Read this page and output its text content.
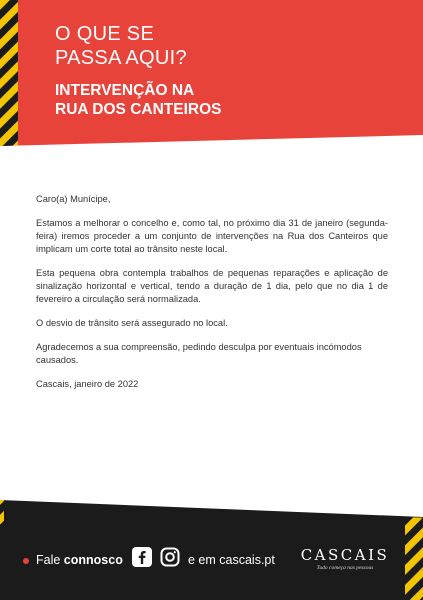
O QUE SE
PASSA AQUI?
INTERVENÇÃO NA
RUA DOS CANTEIROS

Caro(a) Munícipe,

Estamos a melhorar o concelho e, como tal, no próximo dia 31 de janeiro (segunda-feira) iremos proceder a um conjunto de intervenções na Rua dos Canteiros que implicam um corte total ao trânsito neste local.

Esta pequena obra contempla trabalhos de pequenas reparações e aplicação de sinalização horizontal e vertical, tendo a duração de 1 dia, pelo que no dia 1 de fevereiro a circulação será normalizada.

O desvio de trânsito será assegurado no local.

Agradecemos a sua compreensão, pedindo desculpa por eventuais incómodos causados.

Cascais, janeiro de 2022

Fale connosco	e em cascais.pt CASCAIS
Tudo começa nas pessoas
